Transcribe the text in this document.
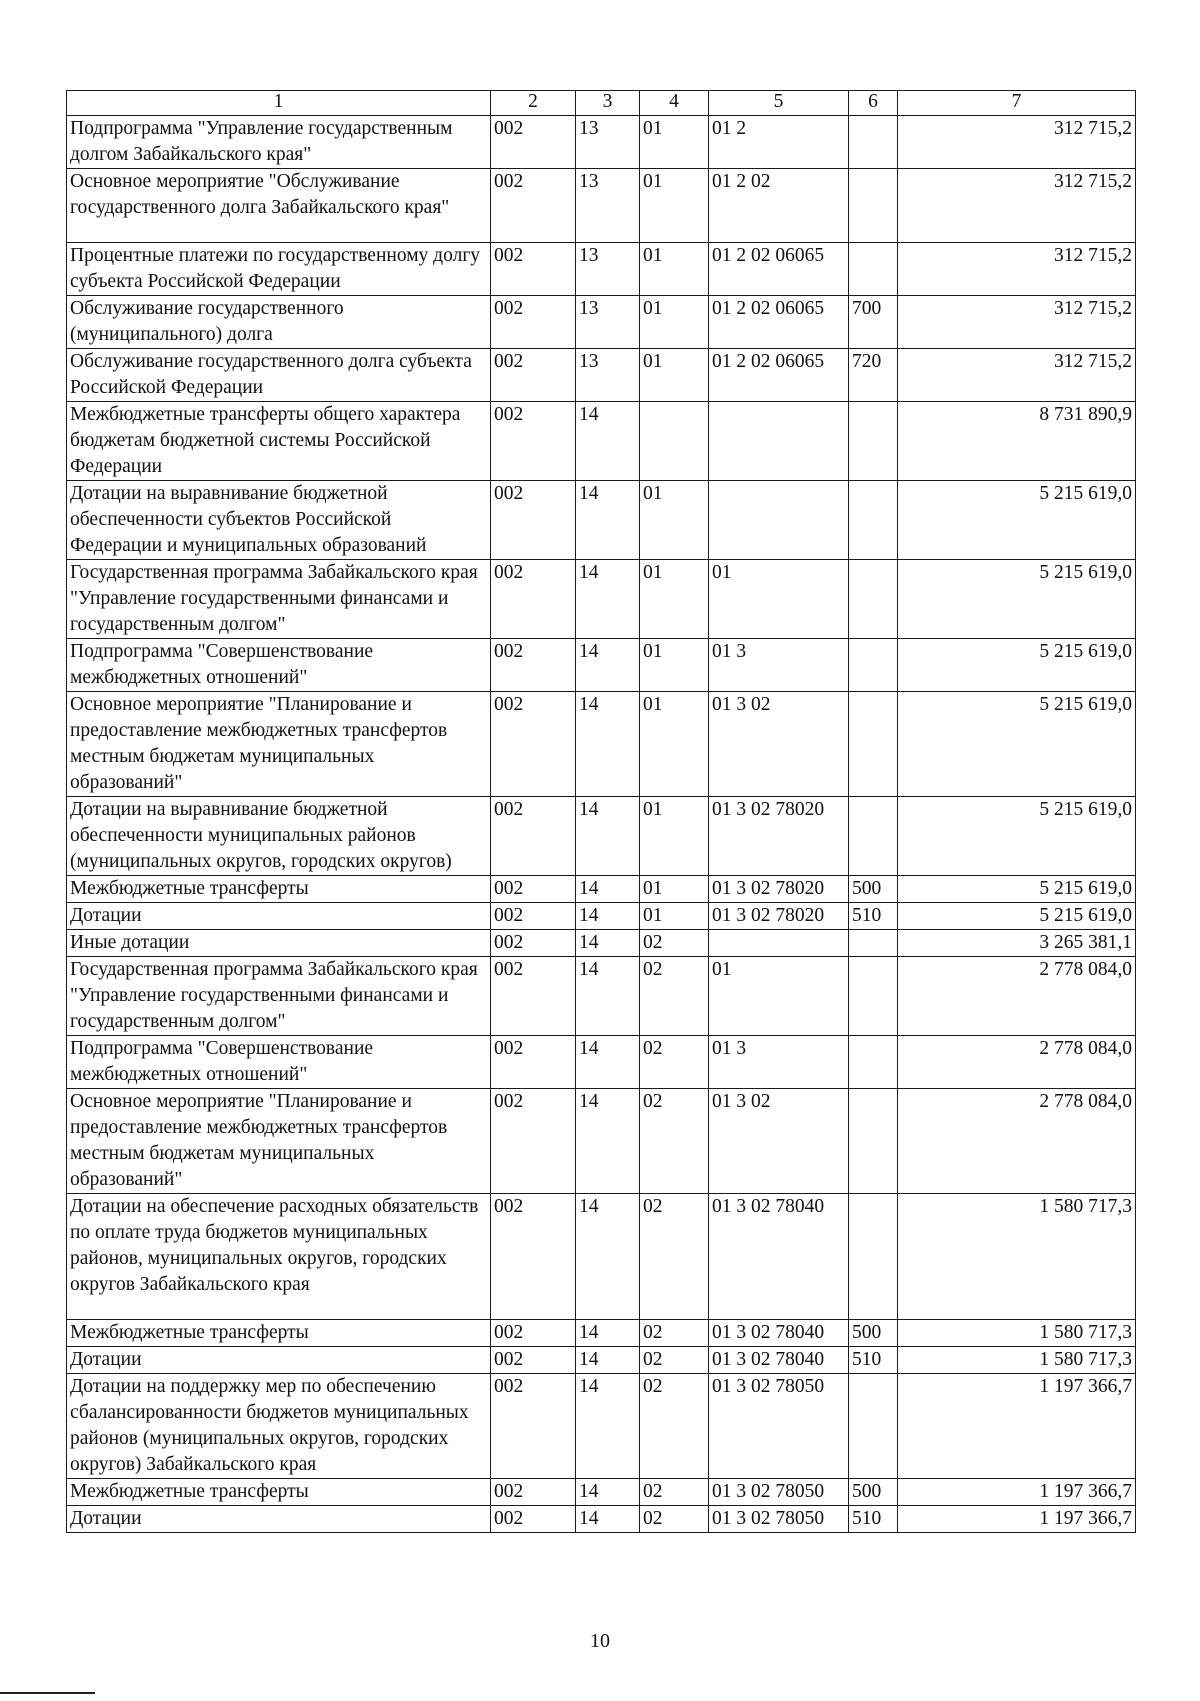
1	2	3	4	5	6	7
Подпрограмма "Управление государственным долгом Забайкальского края"	002	13	01	01 2		312 715,2
Основное мероприятие "Обслуживание государственного долга Забайкальского края"	002	13	01	01 2 02		312 715,2
Процентные платежи по государственному долгу субъекта Российской Федерации	002	13	01	01 2 02 06065		312 715,2
Обслуживание государственного (муниципального) долга	002	13	01	01 2 02 06065	700	312 715,2
Обслуживание государственного долга субъекта Российской Федерации	002	13	01	01 2 02 06065	720	312 715,2
Межбюджетные трансферты общего характера бюджетам бюджетной системы Российской Федерации	002	14				8 731 890,9
Дотации на выравнивание бюджетной обеспеченности субъектов Российской Федерации и муниципальных образований	002	14	01			5 215 619,0
Государственная программа Забайкальского края "Управление государственными финансами и государственным долгом"	002	14	01	01		5 215 619,0
Подпрограмма "Совершенствование межбюджетных отношений"	002	14	01	01 3		5 215 619,0
Основное мероприятие "Планирование и предоставление межбюджетных трансфертов местным бюджетам муниципальных образований"	002	14	01	01 3 02		5 215 619,0
Дотации на выравнивание бюджетной обеспеченности муниципальных районов (муниципальных округов, городских округов)	002	14	01	01 3 02 78020		5 215 619,0
Межбюджетные трансферты	002	14	01	01 3 02 78020	500	5 215 619,0
Дотации	002	14	01	01 3 02 78020	510	5 215 619,0
Иные дотации	002	14	02			3 265 381,1
Государственная программа Забайкальского края "Управление государственными финансами и государственным долгом"	002	14	02	01		2 778 084,0
Подпрограмма "Совершенствование межбюджетных отношений"	002	14	02	01 3		2 778 084,0
Основное мероприятие "Планирование и предоставление межбюджетных трансфертов местным бюджетам муниципальных образований"	002	14	02	01 3 02		2 778 084,0
Дотации на обеспечение расходных обязательств по оплате труда бюджетов муниципальных районов, муниципальных округов, городских округов Забайкальского края	002	14	02	01 3 02 78040		1 580 717,3
Межбюджетные трансферты	002	14	02	01 3 02 78040	500	1 580 717,3
Дотации	002	14	02	01 3 02 78040	510	1 580 717,3
Дотации на поддержку мер по обеспечению сбалансированности бюджетов муниципальных районов (муниципальных округов, городских округов) Забайкальского края	002	14	02	01 3 02 78050		1 197 366,7
Межбюджетные трансферты	002	14	02	01 3 02 78050	500	1 197 366,7
Дотации	002	14	02	01 3 02 78050	510	1 197 366,7
10
